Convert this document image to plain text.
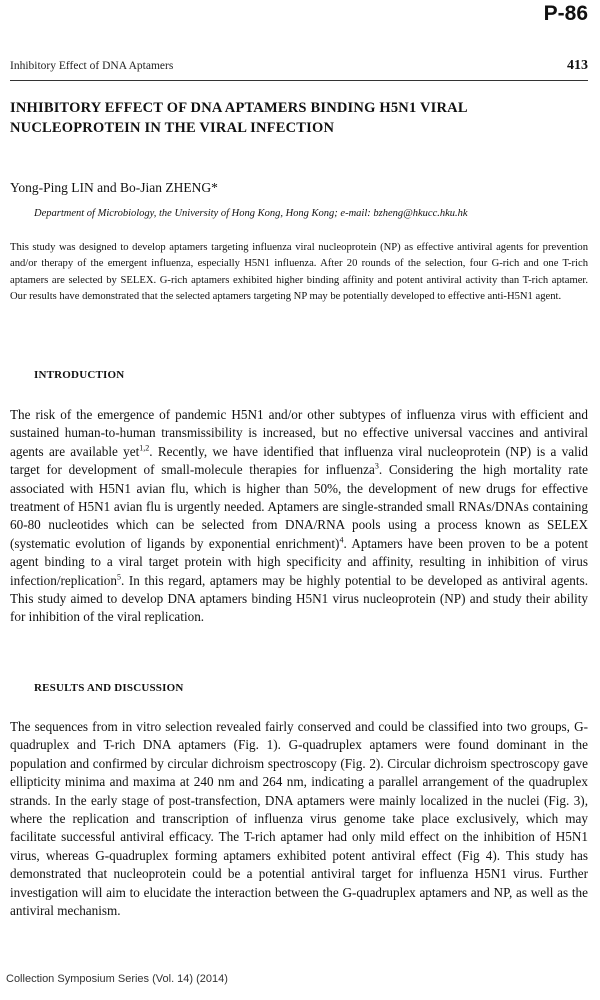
P-86
Inhibitory Effect of DNA Aptamers	413
INHIBITORY EFFECT OF DNA APTAMERS BINDING H5N1 VIRAL NUCLEOPROTEIN IN THE VIRAL INFECTION
Yong-Ping LIN and Bo-Jian ZHENG*
Department of Microbiology, the University of Hong Kong, Hong Kong; e-mail: bzheng@hkucc.hku.hk

This study was designed to develop aptamers targeting influenza viral nucleoprotein (NP) as effective antiviral agents for prevention and/or therapy of the emergent influenza, especially H5N1 influenza. After 20 rounds of the selection, four G-rich and one T-rich aptamers are selected by SELEX. G-rich aptamers exhibited higher binding affinity and potent antiviral activity than T-rich aptamer. Our results have demonstrated that the selected aptamers targeting NP may be potentially developed to effective anti-H5N1 agent.

INTRODUCTION

The risk of the emergence of pandemic H5N1 and/or other subtypes of influenza virus with efficient and sustained human-to-human transmissibility is increased, but no effective universal vaccines and antiviral agents are available yet$^{1,2}$. Recently, we have identified that influenza viral nucleoprotein (NP) is a valid target for development of small-molecule therapies for influenza$^3$. Considering the high mortality rate associated with H5N1 avian flu, which is higher than 50%, the development of new drugs for effective treatment of H5N1 avian flu is urgently needed. Aptamers are single-stranded small RNAs/DNAs containing 60-80 nucleotides which can be selected from DNA/RNA pools using a process known as SELEX (systematic evolution of ligands by exponential enrichment)$^4$. Aptamers have been proven to be a potent agent binding to a viral target protein with high specificity and affinity, resulting in inhibition of virus infection/replication$^5$. In this regard, aptamers may be highly potential to be developed as antiviral agents. This study aimed to develop DNA aptamers binding H5N1 virus nucleoprotein (NP) and study their ability for inhibition of the viral replication.

RESULTS AND DISCUSSION

The sequences from in vitro selection revealed fairly conserved and could be classified into two groups, G-quadruplex and T-rich DNA aptamers (Fig. 1). G-quadruplex aptamers were found dominant in the population and confirmed by circular dichroism spectroscopy (Fig. 2). Circular dichroism spectroscopy gave ellipticity minima and maxima at 240 nm and 264 nm, indicating a parallel arrangement of the quadruplex strands. In the early stage of post-transfection, DNA aptamers were mainly localized in the nuclei (Fig. 3), where the replication and transcription of influenza virus genome take place exclusively, which may facilitate successful antiviral efficacy. The T-rich aptamer had only mild effect on the inhibition of H5N1 virus, whereas G-quadruplex forming aptamers exhibited potent antiviral effect (Fig 4). This study has demonstrated that nucleoprotein could be a potential antiviral target for influenza H5N1 virus. Further investigation will aim to elucidate the interaction between the G-quadruplex aptamers and NP, as well as the antiviral mechanism.

Collection Symposium Series (Vol. 14) (2014)
